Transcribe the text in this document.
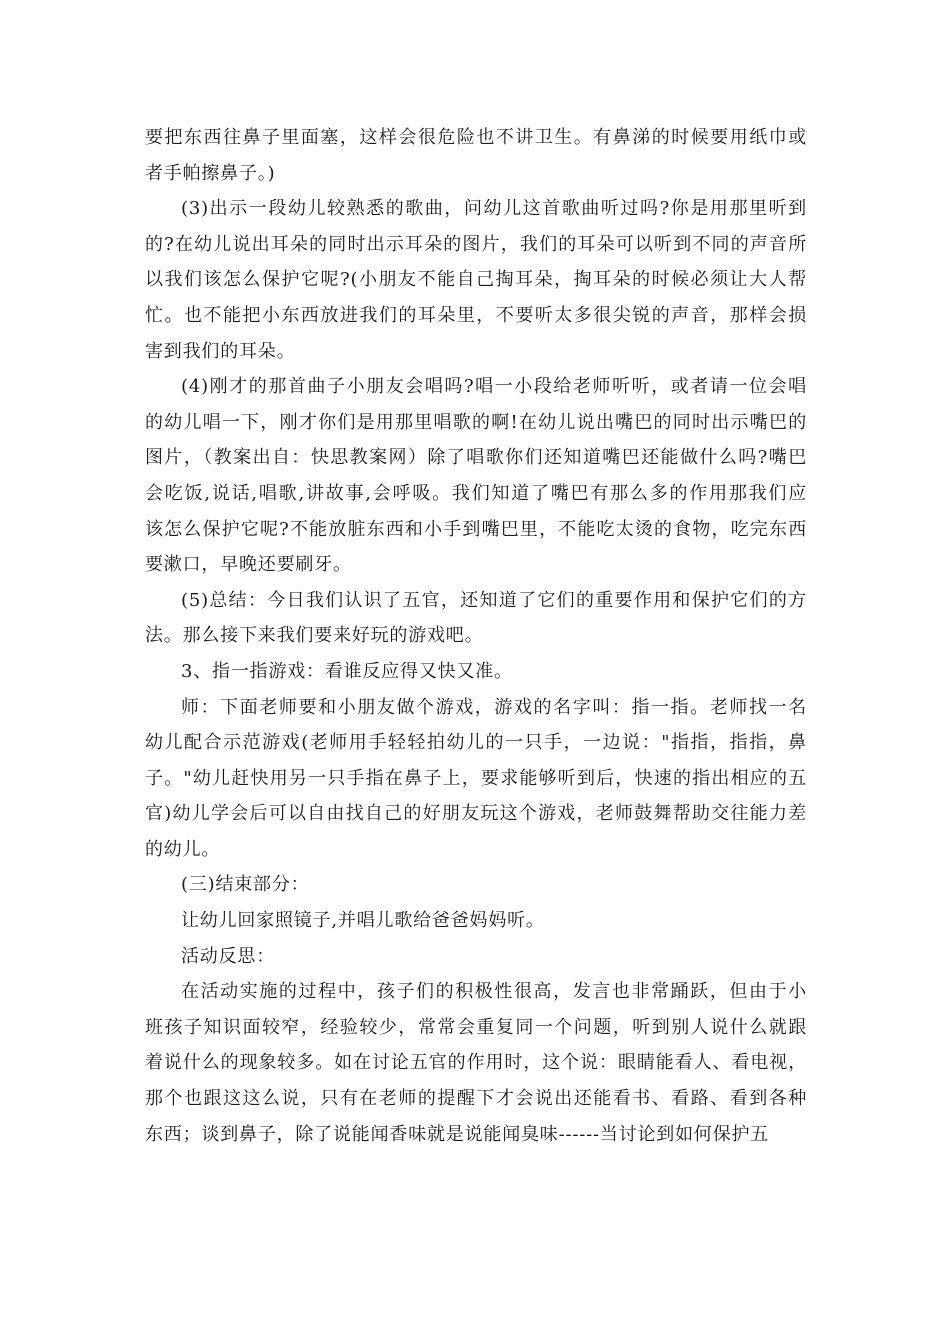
要把东西往鼻子里面塞，这样会很危险也不讲卫生。有鼻涕的时候要用纸巾或
者手帕擦鼻子。)
(3)出示一段幼儿较熟悉的歌曲，问幼儿这首歌曲听过吗?你是用那里听到
的?在幼儿说出耳朵的同时出示耳朵的图片，我们的耳朵可以听到不同的声音所
以我们该怎么保护它呢?(小朋友不能自己掏耳朵，掏耳朵的时候必须让大人帮
忙。也不能把小东西放进我们的耳朵里，不要听太多很尖锐的声音，那样会损
害到我们的耳朵。
(4)刚才的那首曲子小朋友会唱吗?唱一小段给老师听听，或者请一位会唱
的幼儿唱一下，刚才你们是用那里唱歌的啊!在幼儿说出嘴巴的同时出示嘴巴的
图片，（教案出自：快思教案网）除了唱歌你们还知道嘴巴还能做什么吗?嘴巴
会吃饭,说话,唱歌,讲故事,会呼吸。我们知道了嘴巴有那么多的作用那我们应
该怎么保护它呢?不能放脏东西和小手到嘴巴里，不能吃太烫的食物，吃完东西
要漱口，早晚还要刷牙。
(5)总结：今日我们认识了五官，还知道了它们的重要作用和保护它们的方
法。那么接下来我们要来好玩的游戏吧。
3、指一指游戏：看谁反应得又快又准。
师：下面老师要和小朋友做个游戏，游戏的名字叫：指一指。老师找一名
幼儿配合示范游戏(老师用手轻轻拍幼儿的一只手，一边说："指指，指指，鼻
子。"幼儿赶快用另一只手指在鼻子上，要求能够听到后，快速的指出相应的五
官)幼儿学会后可以自由找自己的好朋友玩这个游戏，老师鼓舞帮助交往能力差
的幼儿。
(三)结束部分：
让幼儿回家照镜子,并唱儿歌给爸爸妈妈听。
活动反思：
在活动实施的过程中，孩子们的积极性很高，发言也非常踊跃，但由于小
班孩子知识面较窄，经验较少，常常会重复同一个问题，听到别人说什么就跟
着说什么的现象较多。如在讨论五官的作用时，这个说：眼睛能看人、看电视，
那个也跟这这么说，只有在老师的提醒下才会说出还能看书、看路、看到各种
东西；谈到鼻子，除了说能闻香味就是说能闻臭味------当讨论到如何保护五
